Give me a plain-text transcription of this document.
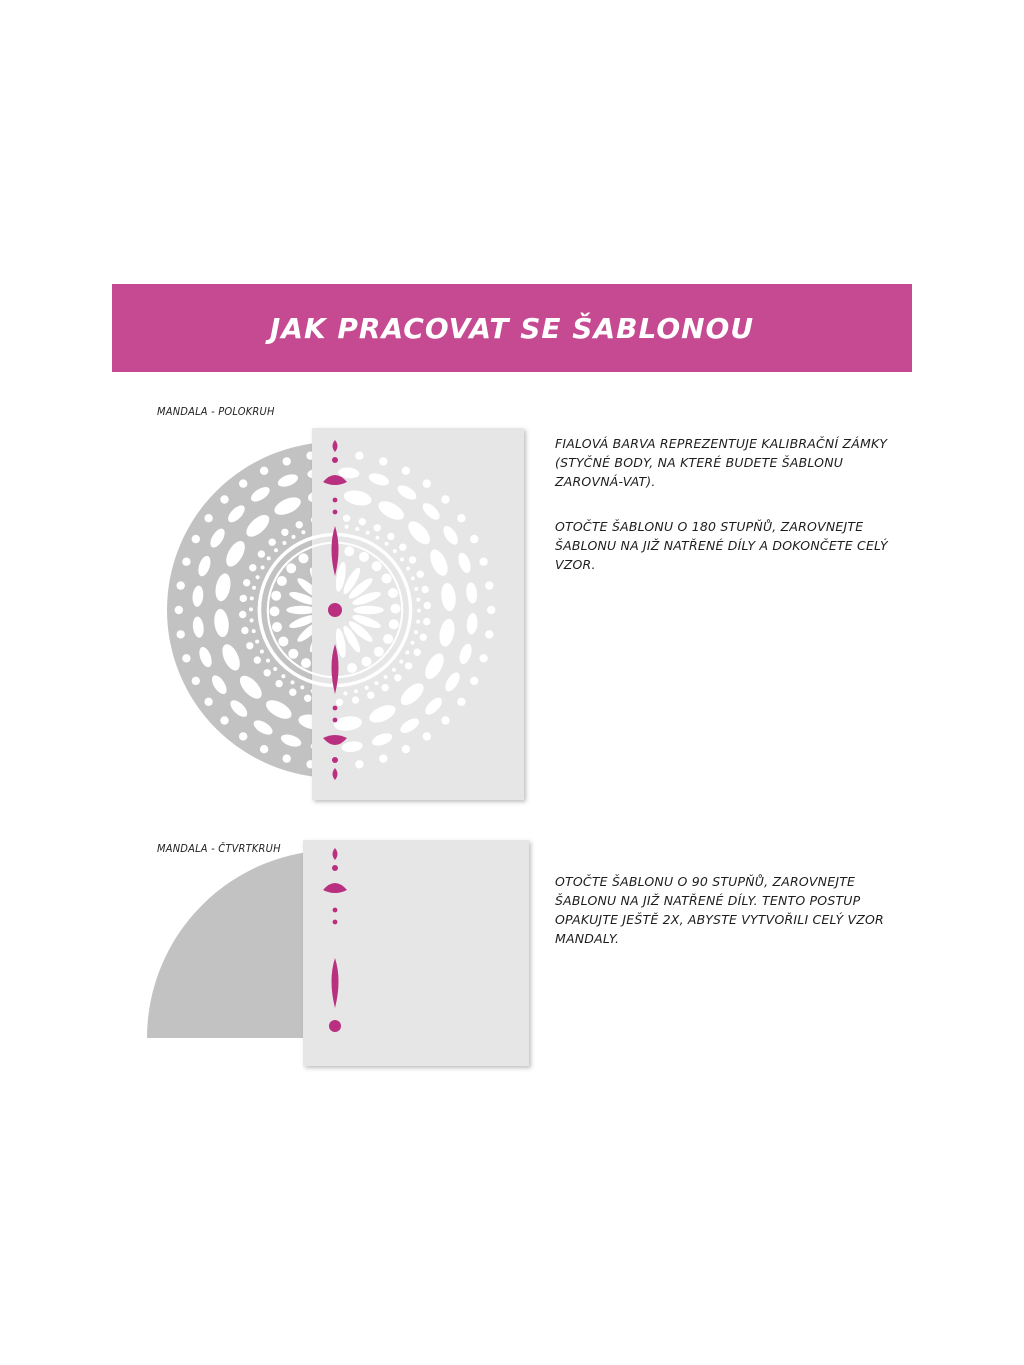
JAK PRACOVAT SE ŠABLONOU
MANDALA - POLOKRUH

FIALOVÁ BARVA REPREZENTUJE KALIBRAČNÍ ZÁMKY (STYČNÉ BODY, NA KTERÉ BUDETE ŠABLONU ZAROVNÁ-VAT).

OTOČTE ŠABLONU O 180 STUPŇŮ, ZAROVNEJTE ŠABLONU NA JIŽ NATŘENÉ DÍLY A DOKONČETE CELÝ VZOR.

MANDALA - ČTVRTKRUH

OTOČTE ŠABLONU O 90 STUPŇŮ, ZAROVNEJTE ŠABLONU NA JIŽ NATŘENÉ DÍLY. TENTO POSTUP OPAKUJTE JEŠTĚ 2X, ABYSTE VYTVOŘILI CELÝ VZOR MANDALY.
